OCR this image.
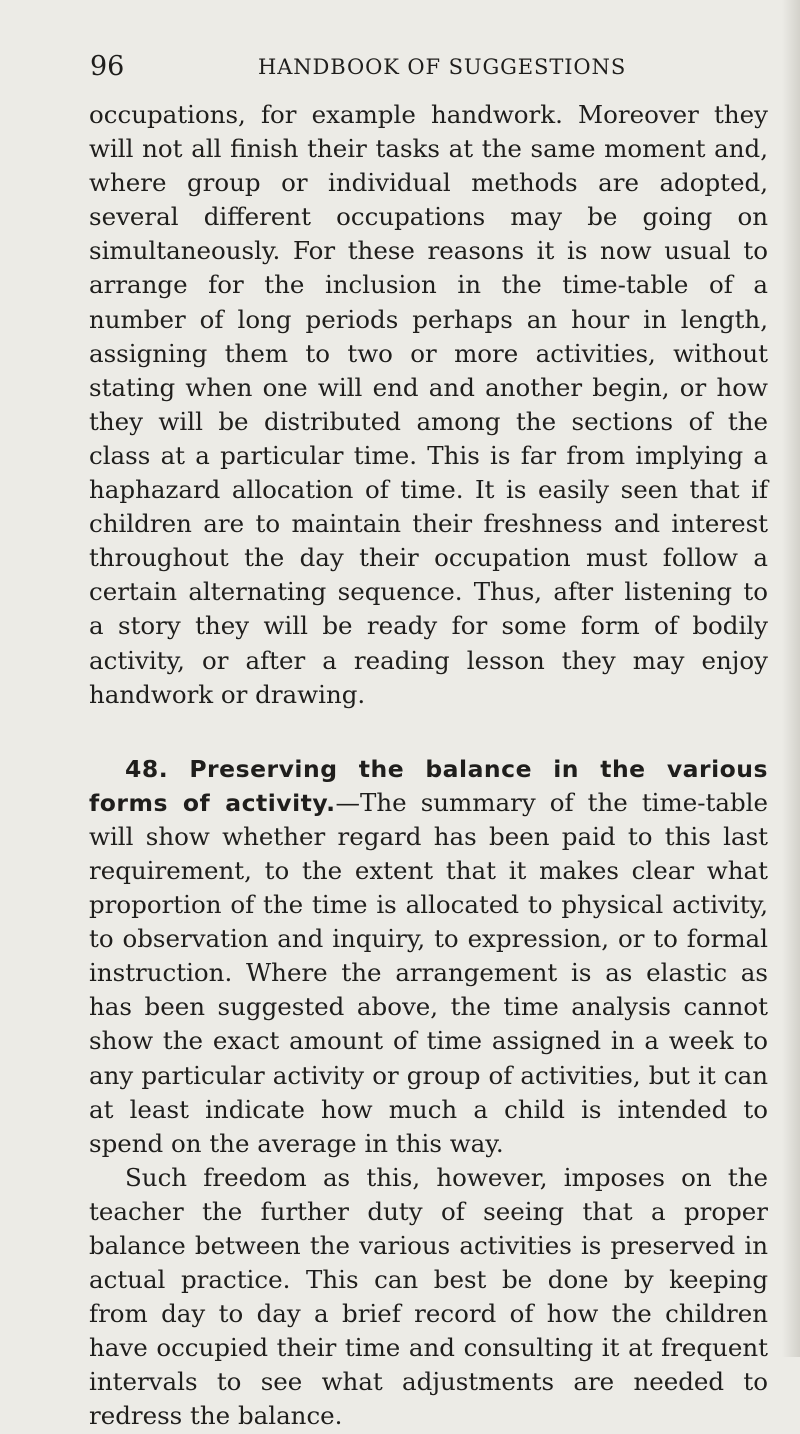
96	HANDBOOK OF SUGGESTIONS

occupations, for example handwork. Moreover they will not all finish their tasks at the same moment and, where group or individual methods are adopted, several different occupations may be going on simultaneously. For these reasons it is now usual to arrange for the inclusion in the time-table of a number of long periods perhaps an hour in length, assigning them to two or more activities, without stating when one will end and another begin, or how they will be distributed among the sections of the class at a particular time. This is far from implying a haphazard allocation of time. It is easily seen that if children are to maintain their freshness and interest throughout the day their occupation must follow a certain alternating sequence. Thus, after listening to a story they will be ready for some form of bodily activity, or after a reading lesson they may enjoy handwork or drawing.

48. Preserving the balance in the various forms of activity.—The summary of the time-table will show whether regard has been paid to this last requirement, to the extent that it makes clear what proportion of the time is allocated to physical activity, to observation and inquiry, to expression, or to formal instruction. Where the arrangement is as elastic as has been suggested above, the time analysis cannot show the exact amount of time assigned in a week to any particular activity or group of activities, but it can at least indicate how much a child is intended to spend on the average in this way.

Such freedom as this, however, imposes on the teacher the further duty of seeing that a proper balance between the various activities is preserved in actual practice. This can best be done by keeping from day to day a brief record of how the children have occupied their time and consulting it at frequent intervals to see what adjustments are needed to redress the balance.
